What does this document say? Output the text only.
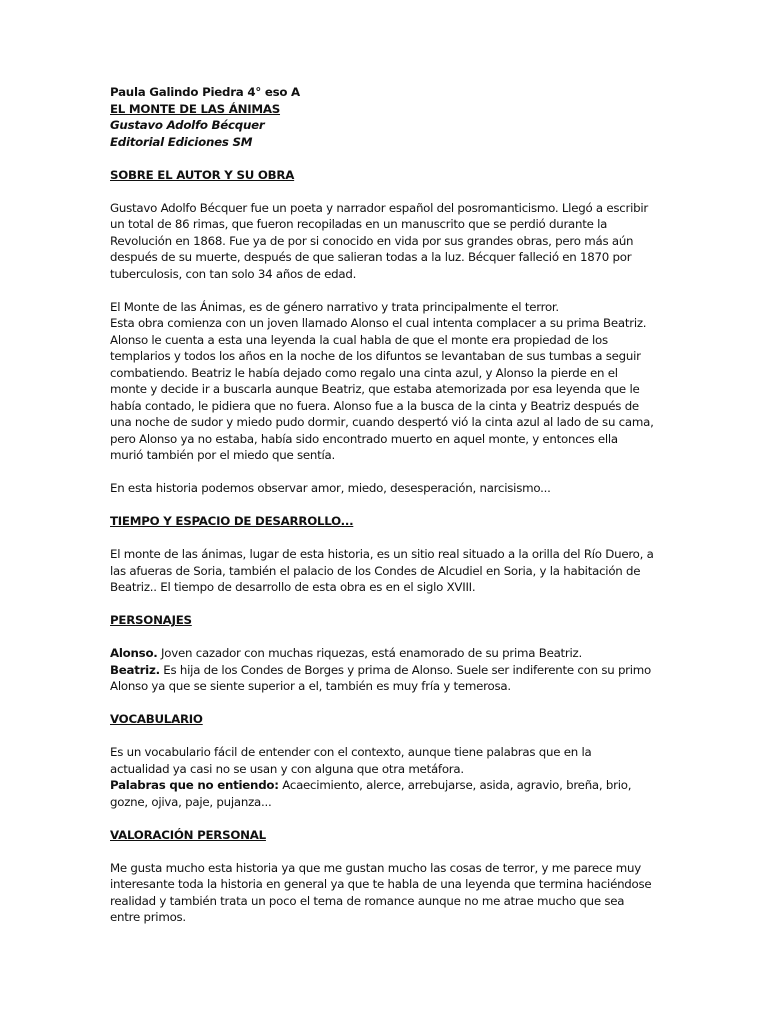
Paula Galindo Piedra 4° eso A
EL MONTE DE LAS ÁNIMAS
Gustavo Adolfo Bécquer
Editorial Ediciones SM
SOBRE EL AUTOR Y SU OBRA
Gustavo Adolfo Bécquer fue un poeta y narrador español del posromanticismo. Llegó a escribir
un total de 86 rimas, que fueron recopiladas en un manuscrito que se perdió durante la
Revolución en 1868. Fue ya de por si conocido en vida por sus grandes obras, pero más aún
después de su muerte, después de que salieran todas a la luz. Bécquer falleció en 1870 por
tuberculosis, con tan solo 34 años de edad.
El Monte de las Ánimas, es de género narrativo y trata principalmente el terror.
Esta obra comienza con un joven llamado Alonso el cual intenta complacer a su prima Beatriz.
Alonso le cuenta a esta una leyenda la cual habla de que el monte era propiedad de los
templarios y todos los años en la noche de los difuntos se levantaban de sus tumbas a seguir
combatiendo. Beatriz le había dejado como regalo una cinta azul, y Alonso la pierde en el
monte y decide ir a buscarla aunque Beatriz, que estaba atemorizada por esa leyenda que le
había contado, le pidiera que no fuera. Alonso fue a la busca de la cinta y Beatriz después de
una noche de sudor y miedo pudo dormir, cuando despertó vió la cinta azul al lado de su cama,
pero Alonso ya no estaba, había sido encontrado muerto en aquel monte, y entonces ella
murió también por el miedo que sentía.
En esta historia podemos observar amor, miedo, desesperación, narcisismo...
TIEMPO Y ESPACIO DE DESARROLLO...
El monte de las ánimas, lugar de esta historia, es un sitio real situado a la orilla del Río Duero, a
las afueras de Soria, también el palacio de los Condes de Alcudiel en Soria, y la habitación de
Beatriz.. El tiempo de desarrollo de esta obra es en el siglo XVIII.
PERSONAJES
Alonso. Joven cazador con muchas riquezas, está enamorado de su prima Beatriz.
Beatriz. Es hija de los Condes de Borges y prima de Alonso. Suele ser indiferente con su primo
Alonso ya que se siente superior a el, también es muy fría y temerosa.
VOCABULARIO
Es un vocabulario fácil de entender con el contexto, aunque tiene palabras que en la
actualidad ya casi no se usan y con alguna que otra metáfora.
Palabras que no entiendo: Acaecimiento, alerce, arrebujarse, asida, agravio, breña, brio,
gozne, ojiva, paje, pujanza...
VALORACIÓN PERSONAL
Me gusta mucho esta historia ya que me gustan mucho las cosas de terror, y me parece muy
interesante toda la historia en general ya que te habla de una leyenda que termina haciéndose
realidad y también trata un poco el tema de romance aunque no me atrae mucho que sea
entre primos.
